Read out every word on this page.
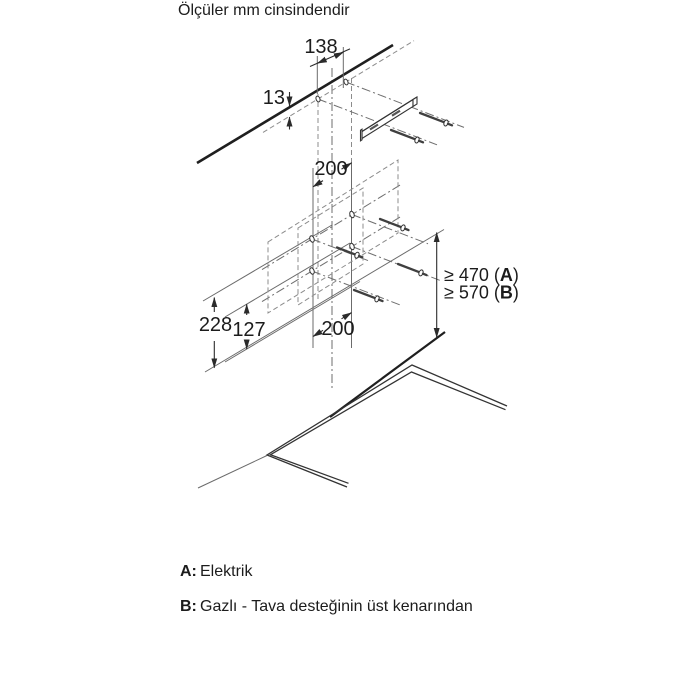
Ölçüler mm cinsindendir
138
13
200
200
228 127
≥ 470 (A)
≥ 570 (B)
A: Elektrik
B: Gazlı - Tava desteğinin üst kenarından
